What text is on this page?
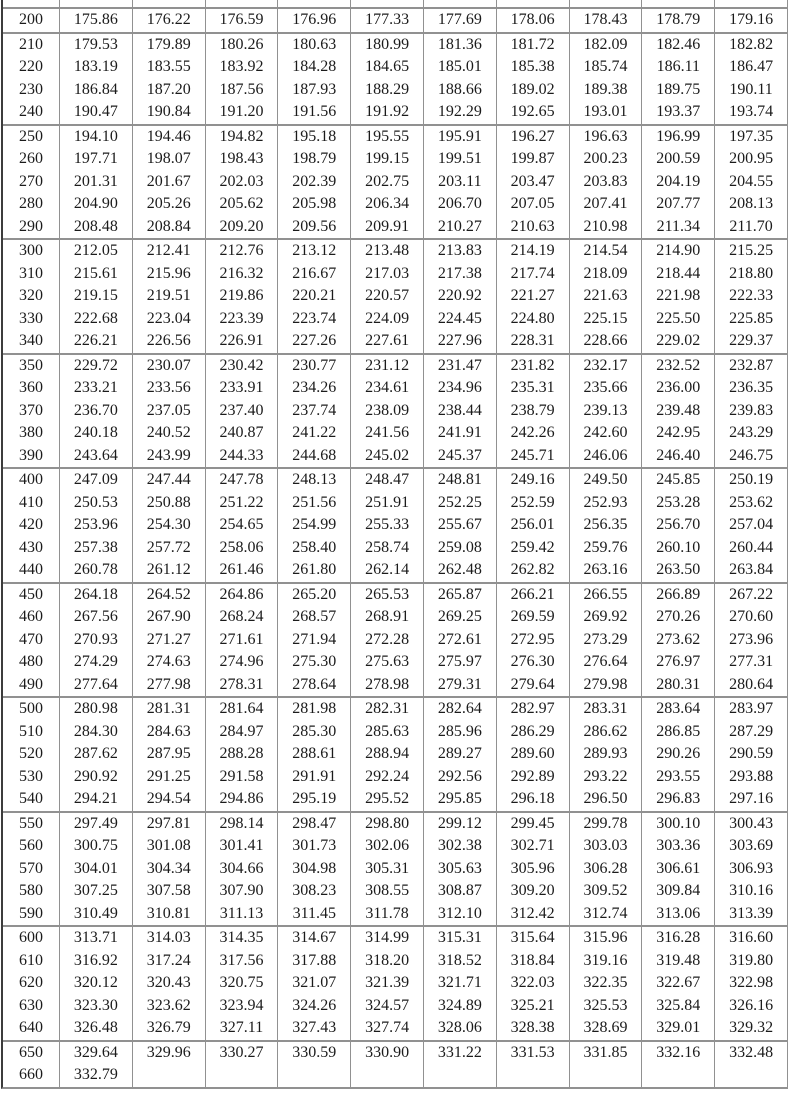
200	175.86	176.22	176.59	176.96	177.33	177.69	178.06	178.43	178.79	179.16
210	179.53	179.89	180.26	180.63	180.99	181.36	181.72	182.09	182.46	182.82
220	183.19	183.55	183.92	184.28	184.65	185.01	185.38	185.74	186.11	186.47
230	186.84	187.20	187.56	187.93	188.29	188.66	189.02	189.38	189.75	190.11
240	190.47	190.84	191.20	191.56	191.92	192.29	192.65	193.01	193.37	193.74
250	194.10	194.46	194.82	195.18	195.55	195.91	196.27	196.63	196.99	197.35
260	197.71	198.07	198.43	198.79	199.15	199.51	199.87	200.23	200.59	200.95
270	201.31	201.67	202.03	202.39	202.75	203.11	203.47	203.83	204.19	204.55
280	204.90	205.26	205.62	205.98	206.34	206.70	207.05	207.41	207.77	208.13
290	208.48	208.84	209.20	209.56	209.91	210.27	210.63	210.98	211.34	211.70
300	212.05	212.41	212.76	213.12	213.48	213.83	214.19	214.54	214.90	215.25
310	215.61	215.96	216.32	216.67	217.03	217.38	217.74	218.09	218.44	218.80
320	219.15	219.51	219.86	220.21	220.57	220.92	221.27	221.63	221.98	222.33
330	222.68	223.04	223.39	223.74	224.09	224.45	224.80	225.15	225.50	225.85
340	226.21	226.56	226.91	227.26	227.61	227.96	228.31	228.66	229.02	229.37
350	229.72	230.07	230.42	230.77	231.12	231.47	231.82	232.17	232.52	232.87
360	233.21	233.56	233.91	234.26	234.61	234.96	235.31	235.66	236.00	236.35
370	236.70	237.05	237.40	237.74	238.09	238.44	238.79	239.13	239.48	239.83
380	240.18	240.52	240.87	241.22	241.56	241.91	242.26	242.60	242.95	243.29
390	243.64	243.99	244.33	244.68	245.02	245.37	245.71	246.06	246.40	246.75
400	247.09	247.44	247.78	248.13	248.47	248.81	249.16	249.50	245.85	250.19
410	250.53	250.88	251.22	251.56	251.91	252.25	252.59	252.93	253.28	253.62
420	253.96	254.30	254.65	254.99	255.33	255.67	256.01	256.35	256.70	257.04
430	257.38	257.72	258.06	258.40	258.74	259.08	259.42	259.76	260.10	260.44
440	260.78	261.12	261.46	261.80	262.14	262.48	262.82	263.16	263.50	263.84
450	264.18	264.52	264.86	265.20	265.53	265.87	266.21	266.55	266.89	267.22
460	267.56	267.90	268.24	268.57	268.91	269.25	269.59	269.92	270.26	270.60
470	270.93	271.27	271.61	271.94	272.28	272.61	272.95	273.29	273.62	273.96
480	274.29	274.63	274.96	275.30	275.63	275.97	276.30	276.64	276.97	277.31
490	277.64	277.98	278.31	278.64	278.98	279.31	279.64	279.98	280.31	280.64
500	280.98	281.31	281.64	281.98	282.31	282.64	282.97	283.31	283.64	283.97
510	284.30	284.63	284.97	285.30	285.63	285.96	286.29	286.62	286.85	287.29
520	287.62	287.95	288.28	288.61	288.94	289.27	289.60	289.93	290.26	290.59
530	290.92	291.25	291.58	291.91	292.24	292.56	292.89	293.22	293.55	293.88
540	294.21	294.54	294.86	295.19	295.52	295.85	296.18	296.50	296.83	297.16
550	297.49	297.81	298.14	298.47	298.80	299.12	299.45	299.78	300.10	300.43
560	300.75	301.08	301.41	301.73	302.06	302.38	302.71	303.03	303.36	303.69
570	304.01	304.34	304.66	304.98	305.31	305.63	305.96	306.28	306.61	306.93
580	307.25	307.58	307.90	308.23	308.55	308.87	309.20	309.52	309.84	310.16
590	310.49	310.81	311.13	311.45	311.78	312.10	312.42	312.74	313.06	313.39
600	313.71	314.03	314.35	314.67	314.99	315.31	315.64	315.96	316.28	316.60
610	316.92	317.24	317.56	317.88	318.20	318.52	318.84	319.16	319.48	319.80
620	320.12	320.43	320.75	321.07	321.39	321.71	322.03	322.35	322.67	322.98
630	323.30	323.62	323.94	324.26	324.57	324.89	325.21	325.53	325.84	326.16
640	326.48	326.79	327.11	327.43	327.74	328.06	328.38	328.69	329.01	329.32
650	329.64	329.96	330.27	330.59	330.90	331.22	331.53	331.85	332.16	332.48
660	332.79
